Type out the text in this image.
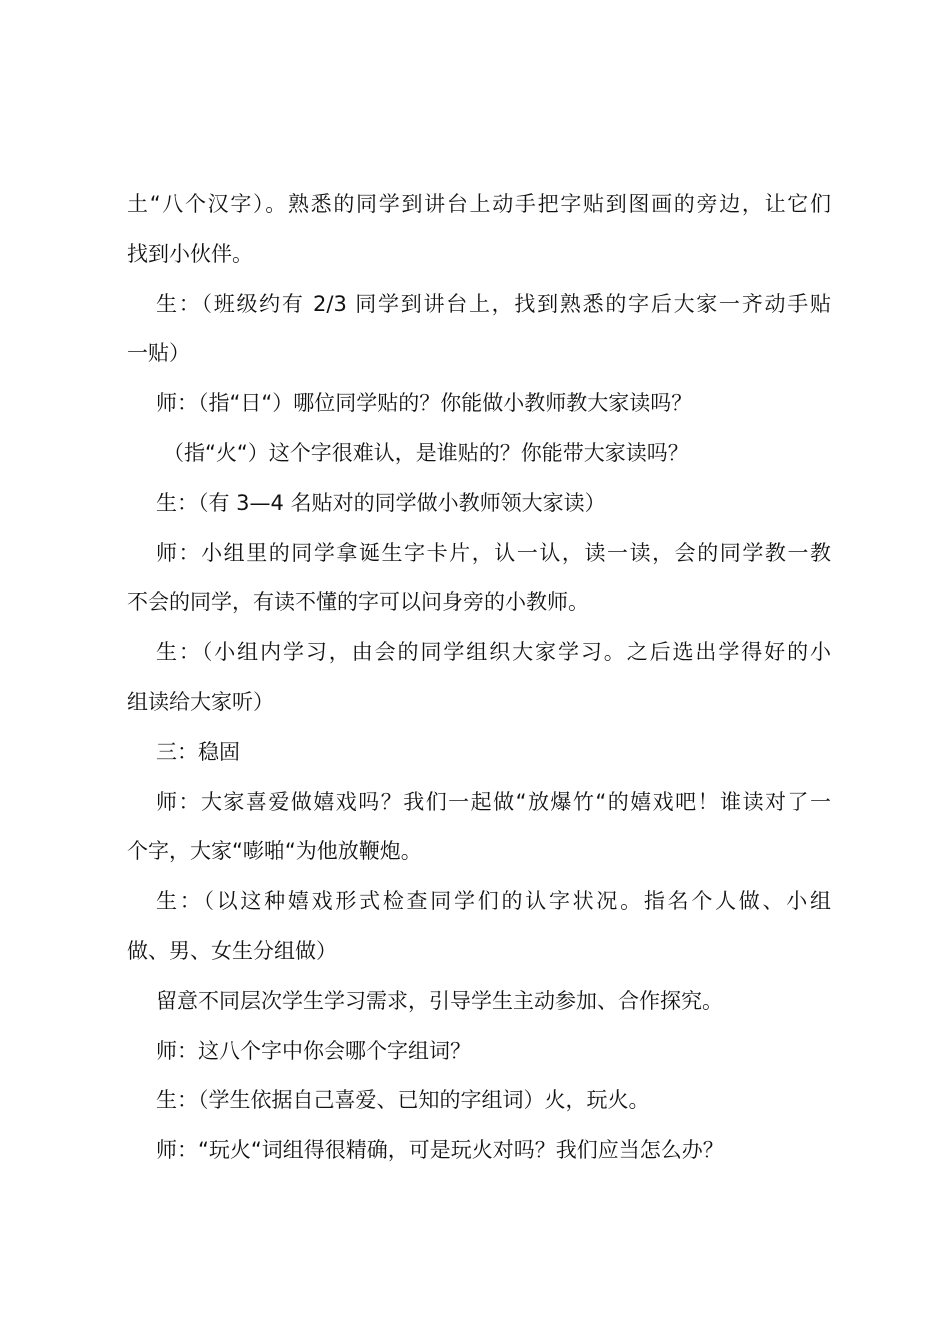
土“八个汉字）。熟悉的同学到讲台上动手把字贴到图画的旁边，让它们
找到小伙伴。
生：（班级约有 2/3 同学到讲台上，找到熟悉的字后大家一齐动手贴
一贴）
师：（指“日“）哪位同学贴的？你能做小教师教大家读吗？
（指“火“）这个字很难认，是谁贴的？你能带大家读吗？
生：（有 3—4 名贴对的同学做小教师领大家读）
师：小组里的同学拿诞生字卡片，认一认，读一读，会的同学教一教
不会的同学，有读不懂的字可以问身旁的小教师。
生：（小组内学习，由会的同学组织大家学习。之后选出学得好的小
组读给大家听）
三：稳固
师：大家喜爱做嬉戏吗？我们一起做“放爆竹“的嬉戏吧！谁读对了一
个字，大家“嘭啪“为他放鞭炮。
生：（以这种嬉戏形式检查同学们的认字状况。指名个人做、小组
做、男、女生分组做）
留意不同层次学生学习需求，引导学生主动参加、合作探究。
师：这八个字中你会哪个字组词？
生：（学生依据自己喜爱、已知的字组词）火，玩火。
师：“玩火“词组得很精确，可是玩火对吗？我们应当怎么办？
